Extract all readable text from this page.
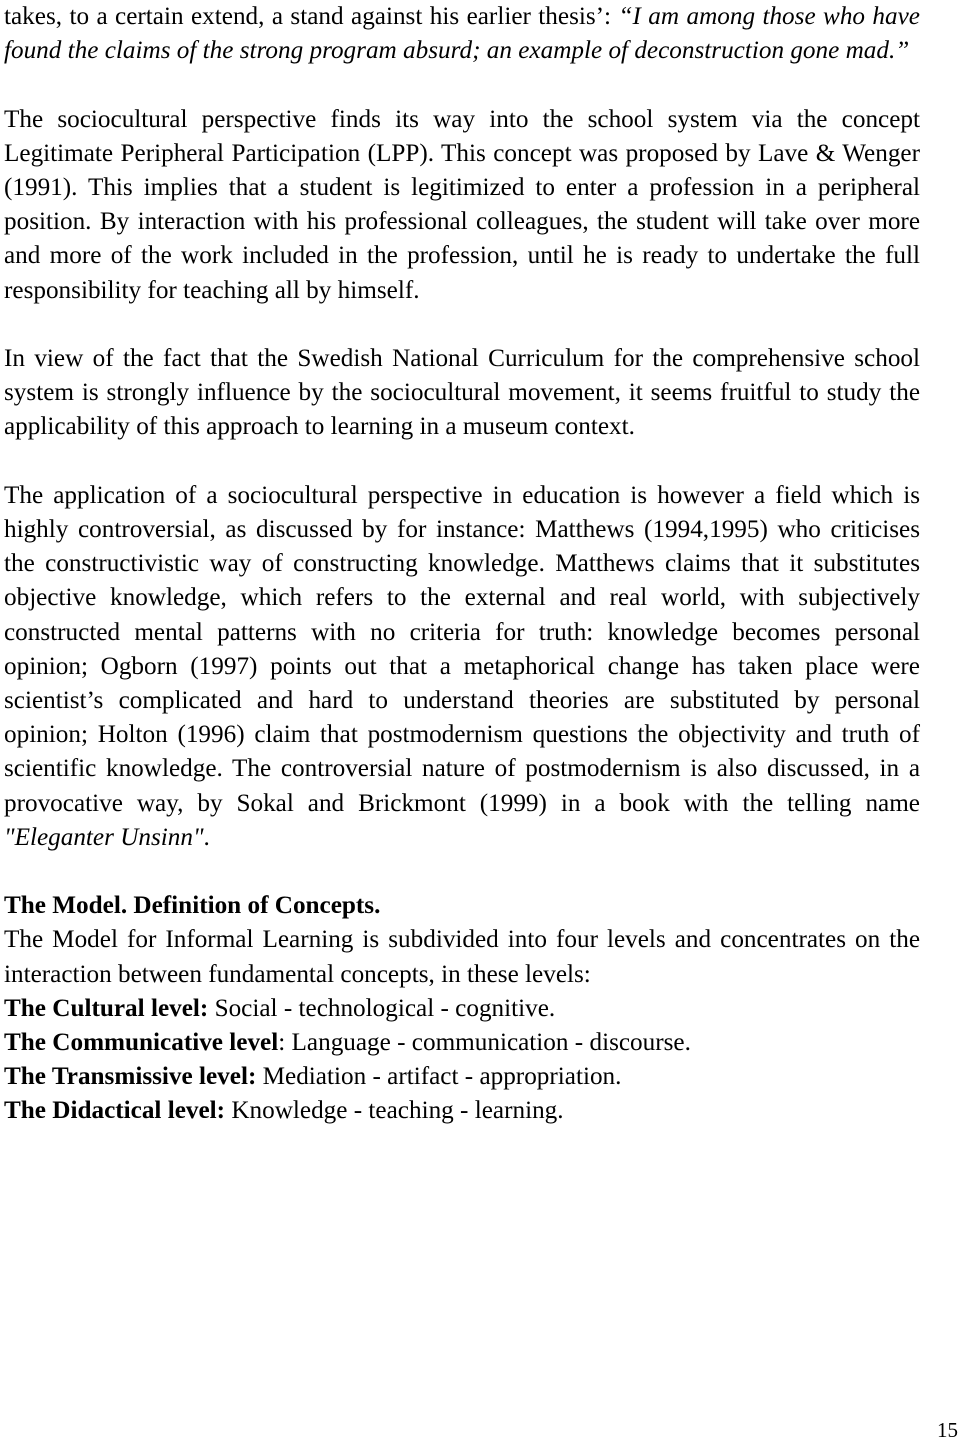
takes, to a certain extend, a stand against his earlier thesis’: “I am among those who have found the claims of the strong program absurd; an example of deconstruction gone mad.”

The sociocultural perspective finds its way into the school system via the concept Legitimate Peripheral Participation (LPP). This concept was proposed by Lave & Wenger (1991). This implies that a student is legitimized to enter a profession in a peripheral position. By interaction with his professional colleagues, the student will take over more and more of the work included in the profession, until he is ready to undertake the full responsibility for teaching all by himself.

In view of the fact that the Swedish National Curriculum for the comprehensive school system is strongly influence by the sociocultural movement, it seems fruitful to study the applicability of this approach to learning in a museum context.

The application of a sociocultural perspective in education is however a field which is highly controversial, as discussed by for instance: Matthews (1994,1995) who criticises the constructivistic way of constructing knowledge. Matthews claims that it substitutes objective knowledge, which refers to the external and real world, with subjectively constructed mental patterns with no criteria for truth: knowledge becomes personal opinion; Ogborn (1997) points out that a metaphorical change has taken place were scientist’s complicated and hard to understand theories are substituted by personal opinion; Holton (1996) claim that postmodernism questions the objectivity and truth of scientific knowledge. The controversial nature of postmodernism is also discussed, in a provocative way, by Sokal and Brickmont (1999) in a book with the telling name "Eleganter Unsinn".

The Model. Definition of Concepts.

The Model for Informal Learning is subdivided into four levels and concentrates on the interaction between fundamental concepts, in these levels:

The Cultural level: Social - technological - cognitive.

The Communicative level: Language - communication - discourse.

The Transmissive level: Mediation - artifact - appropriation.

The Didactical level: Knowledge - teaching - learning.

15
